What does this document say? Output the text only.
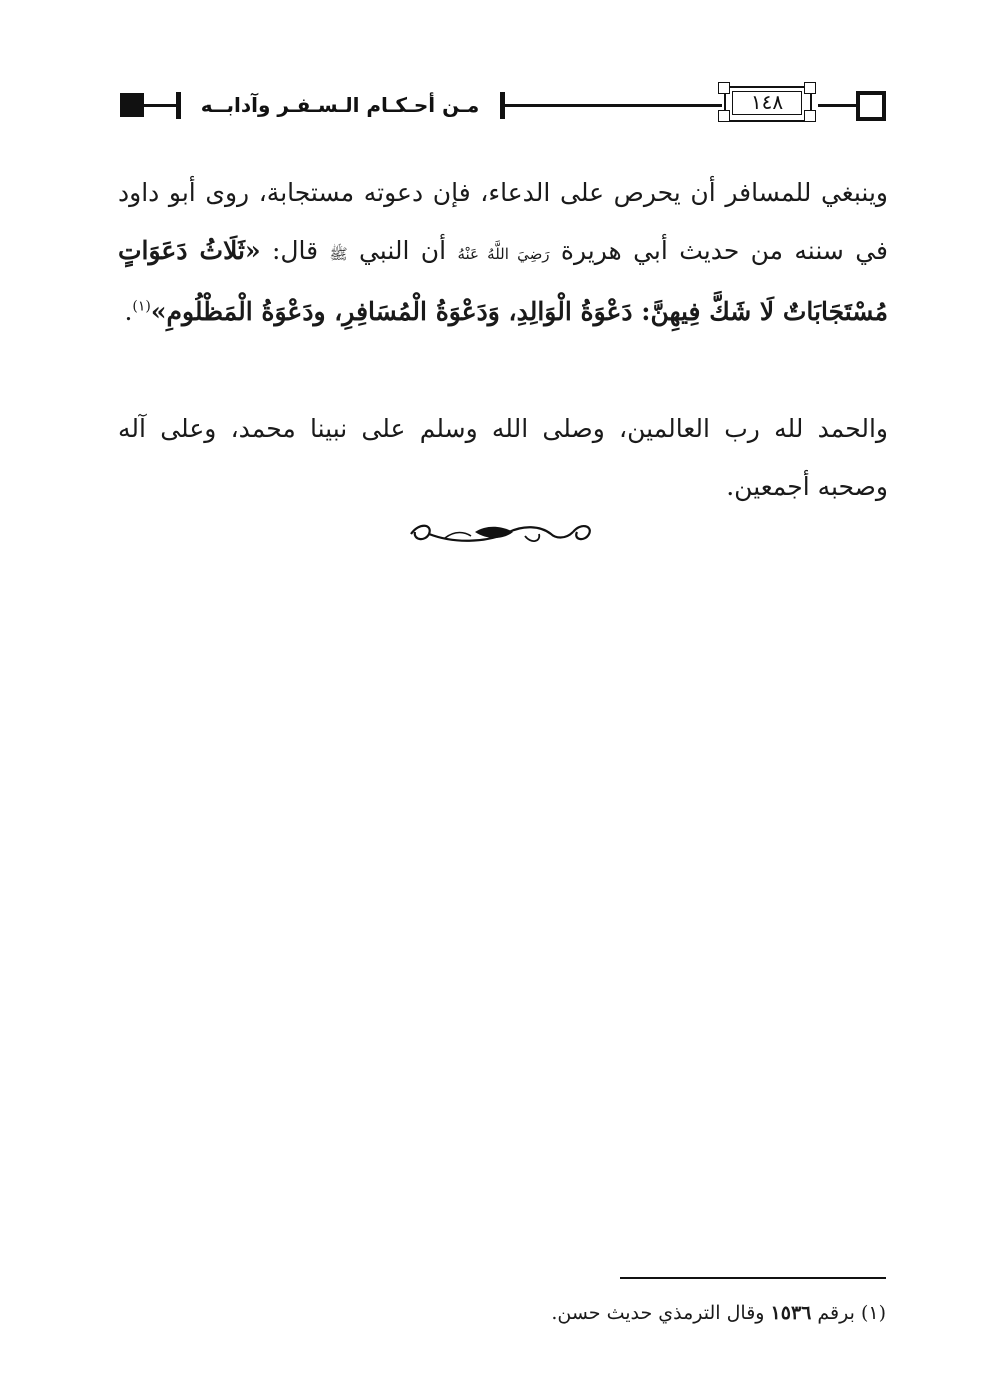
مـن أحـكـام الـسـفـر وآدابــه	١٤٨
وينبغي للمسافر أن يحرص على الدعاء، فإن دعوته مستجابة، روى أبو داود في سننه من حديث أبي هريرة رَضِيَ اللَّهُ عَنْهُ أن النبي ﷺ قال: «ثَلَاثُ دَعَوَاتٍ مُسْتَجَابَاتٌ لَا شَكَّ فِيهِنَّ: دَعْوَةُ الْوَالِدِ، وَدَعْوَةُ الْمُسَافِرِ، ودَعْوَةُ الْمَظْلُومِ»$^{(١)}$.
والحمد لله رب العالمين، وصلى الله وسلم على نبينا محمد، وعلى آله وصحبه أجمعين.
(١) برقم ١٥٣٦ وقال الترمذي حديث حسن.
